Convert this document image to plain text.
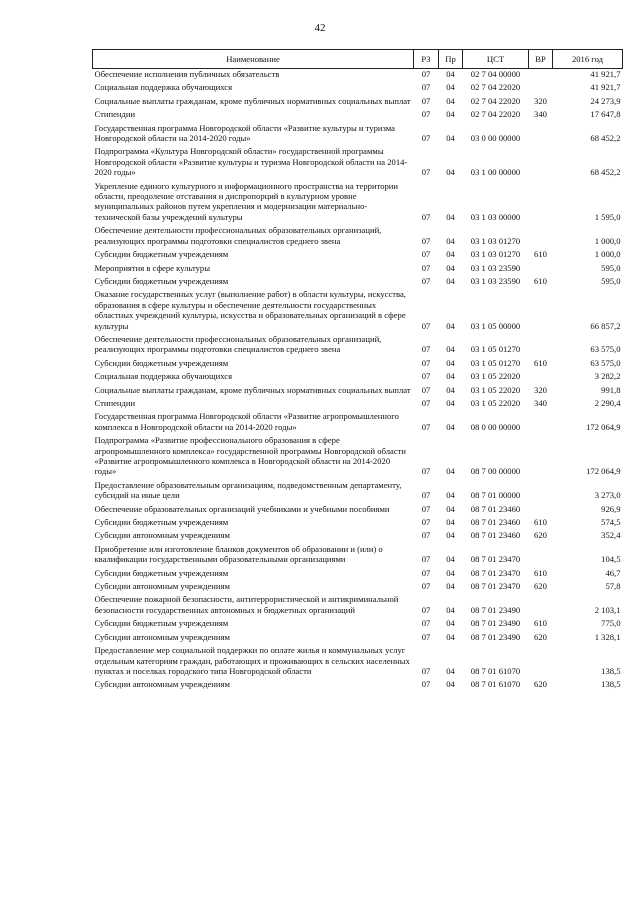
42
Наименование	РЗ	Пр	ЦСТ	ВР	2016 год
Обеспечение исполнения публичных обязательств	07	04	02 7 04 00000		41 921,7
Социальная поддержка обучающихся	07	04	02 7 04 22020		41 921,7
Социальные выплаты гражданам, кроме публичных нормативных социальных выплат	07	04	02 7 04 22020	320	24 273,9
Стипендии	07	04	02 7 04 22020	340	17 647,8
Государственная программа Новгородской области «Развитие культуры и туризма Новгородской области на 2014-2020 годы»	07	04	03 0 00 00000		68 452,2
Подпрограмма «Культура Новгородской области» государственной программы Новгородской области «Развитие культуры и туризма Новгородской области на 2014-2020 годы»	07	04	03 1 00 00000		68 452,2
Укрепление единого культурного и информационного пространства на территории области, преодоление отставания и диспропорций в культурном уровне муниципальных районов путем укрепления и модернизации материально-технической базы учреждений культуры	07	04	03 1 03 00000		1 595,0
Обеспечение деятельности профессиональных образовательных организаций, реализующих программы подготовки специалистов среднего звена	07	04	03 1 03 01270		1 000,0
Субсидии бюджетным учреждениям	07	04	03 1 03 01270	610	1 000,0
Мероприятия в сфере культуры	07	04	03 1 03 23590		595,0
Субсидии бюджетным учреждениям	07	04	03 1 03 23590	610	595,0
Оказание государственных услуг (выполнение работ) в области культуры, искусства, образования в сфере культуры и обеспечение деятельности государственных областных учреждений культуры, искусства и образовательных организаций в сфере культуры	07	04	03 1 05 00000		66 857,2
Обеспечение деятельности профессиональных образовательных организаций, реализующих программы подготовки специалистов среднего звена	07	04	03 1 05 01270		63 575,0
Субсидии бюджетным учреждениям	07	04	03 1 05 01270	610	63 575,0
Социальная поддержка обучающихся	07	04	03 1 05 22020		3 282,2
Социальные выплаты гражданам, кроме публичных нормативных социальных выплат	07	04	03 1 05 22020	320	991,8
Стипендии	07	04	03 1 05 22020	340	2 290,4
Государственная программа Новгородской области «Развитие агропромышленного комплекса в Новгородской области на 2014-2020 годы»	07	04	08 0 00 00000		172 064,9
Подпрограмма «Развитие профессионального образования в сфере агропромышленного комплекса» государственной программы Новгородской области «Развитие агропромышленного комплекса в Новгородской области на 2014-2020 годы»	07	04	08 7 00 00000		172 064,9
Предоставление образовательным организациям, подведомственным департаменту, субсидий на иные цели	07	04	08 7 01 00000		3 273,0
Обеспечение образовательных организаций учебниками и учебными пособиями	07	04	08 7 01 23460		926,9
Субсидии бюджетным учреждениям	07	04	08 7 01 23460	610	574,5
Субсидии автономным учреждениям	07	04	08 7 01 23460	620	352,4
Приобретение или изготовление бланков документов об образовании и (или) о квалификации государственными образовательными организациями	07	04	08 7 01 23470		104,5
Субсидии бюджетным учреждениям	07	04	08 7 01 23470	610	46,7
Субсидии автономным учреждениям	07	04	08 7 01 23470	620	57,8
Обеспечение пожарной безопасности, антитеррористической и антикриминальной безопасности государственных автономных и бюджетных организаций	07	04	08 7 01 23490		2 103,1
Субсидии бюджетным учреждениям	07	04	08 7 01 23490	610	775,0
Субсидии автономным учреждениям	07	04	08 7 01 23490	620	1 328,1
Предоставление мер социальной поддержки по оплате жилья и коммунальных услуг отдельным категориям граждан, работающих и проживающих в сельских населенных пунктах и поселках городского типа Новгородской области	07	04	08 7 01 61070		138,5
Субсидии автономным учреждениям	07	04	08 7 01 61070	620	138,5
